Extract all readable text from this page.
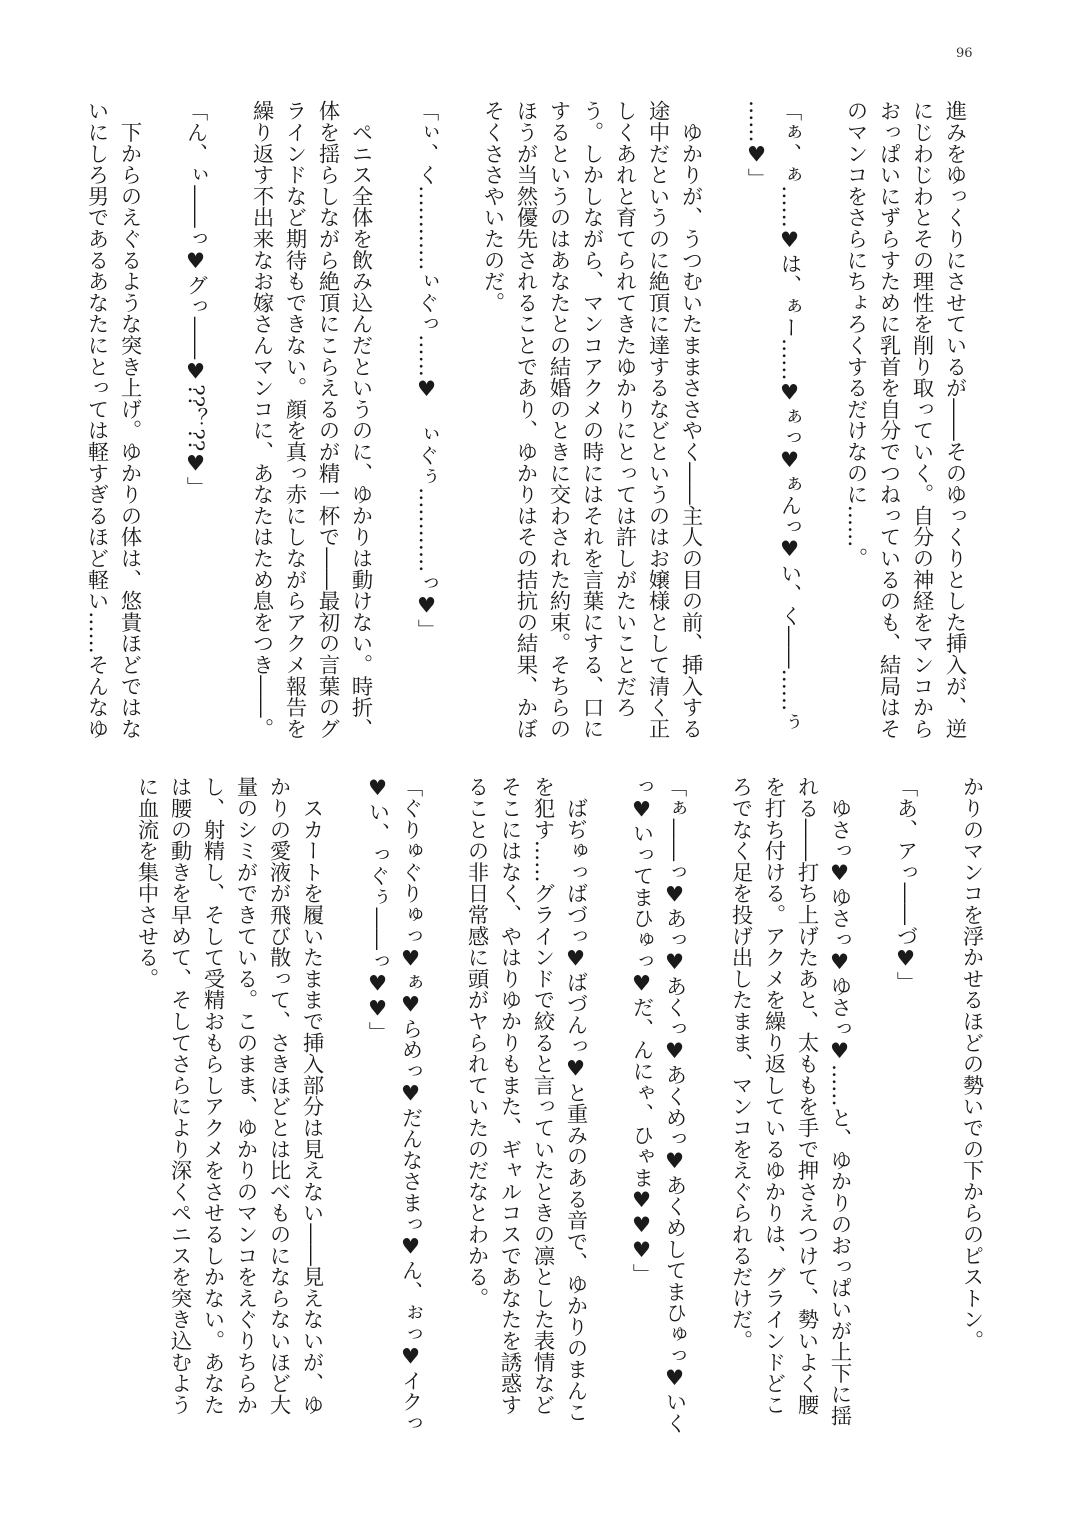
96

進みをゆっくりにさせているが――そのゆっくりとした挿入が、逆

にじわじわとその理性を削り取っていく。自分の神経をマンコから

おっぱいにずらすために乳首を自分でつねっているのも、結局はそ

のマンコをさらにちょろくするだけなのに……。

「ぁ、ぁ……♥は、ぁー……♥ぁっ♥ぁんっ♥い、く――……ぅ

……♥」

　ゆかりが、うつむいたままささやく――主人の目の前、挿入する

途中だというのに絶頂に達するなどというのはお嬢様として清く正

しくあれと育てられてきたゆかりにとっては許しがたいことだろ

う。しかしながら、マンコアクメの時にはそれを言葉にする、口に

するというのはあなたとの結婚のときに交わされた約束。そちらの

ほうが当然優先されることであり、ゆかりはその拮抗の結果、かぼ

そくささやいたのだ。

「ぃ、く…………ぃぐっ……♥　ぃぐぅ…………っ♥」

　ペニス全体を飲み込んだというのに、ゆかりは動けない。時折、

体を揺らしながら絶頂にこらえるのが精一杯で――最初の言葉のグ

ラインドなど期待もできない。顔を真っ赤にしながらアクメ報告を

繰り返す不出来なお嫁さんマンコに、あなたはため息をつき――。

「ん、ぃ――っ♥グっ――♥??？??♥」

　下からのえぐるような突き上げ。ゆかりの体は、悠貴ほどではな

いにしろ男であるあなたにとっては軽すぎるほど軽い……そんなゆ

かりのマンコを浮かせるほどの勢いでの下からのピストン。

「あ、アっ――づ♥」

　ゆさっ♥ゆさっ♥ゆさっ♥……と、ゆかりのおっぱいが上下に揺

れる――打ち上げたあと、太ももを手で押さえつけて、勢いよく腰

を打ち付ける。アクメを繰り返しているゆかりは、グラインドどこ

ろでなく足を投げ出したまま、マンコをえぐられるだけだ。

「ぁ――っ♥あっ♥あくっ♥あくめっ♥あくめしてまひゅっ♥いく

っ♥いってまひゅっ♥だ、んにゃ、ひゃま♥♥♥」

　ばぢゅっばづっ♥ばづんっ♥と重みのある音で、ゆかりのまんこ

を犯す……グラインドで絞ると言っていたときの凛とした表情など

そこにはなく、やはりゆかりもまた、ギャルコスであなたを誘惑す

ることの非日常感に頭がヤられていたのだなとわかる。

「ぐりゅぐりゅっ♥ぁ♥らめっ♥だんなさまっ♥ん、ぉっ♥イクっ

♥い、っぐぅ――っ♥♥」

　スカートを履いたままで挿入部分は見えない――見えないが、ゆ

かりの愛液が飛び散って、さきほどとは比べものにならないほど大

量のシミができている。このまま、ゆかりのマンコをえぐりちらか

し、射精し、そして受精おもらしアクメをさせるしかない。あなた

は腰の動きを早めて、そしてさらにより深くペニスを突き込むよう

に血流を集中させる。
